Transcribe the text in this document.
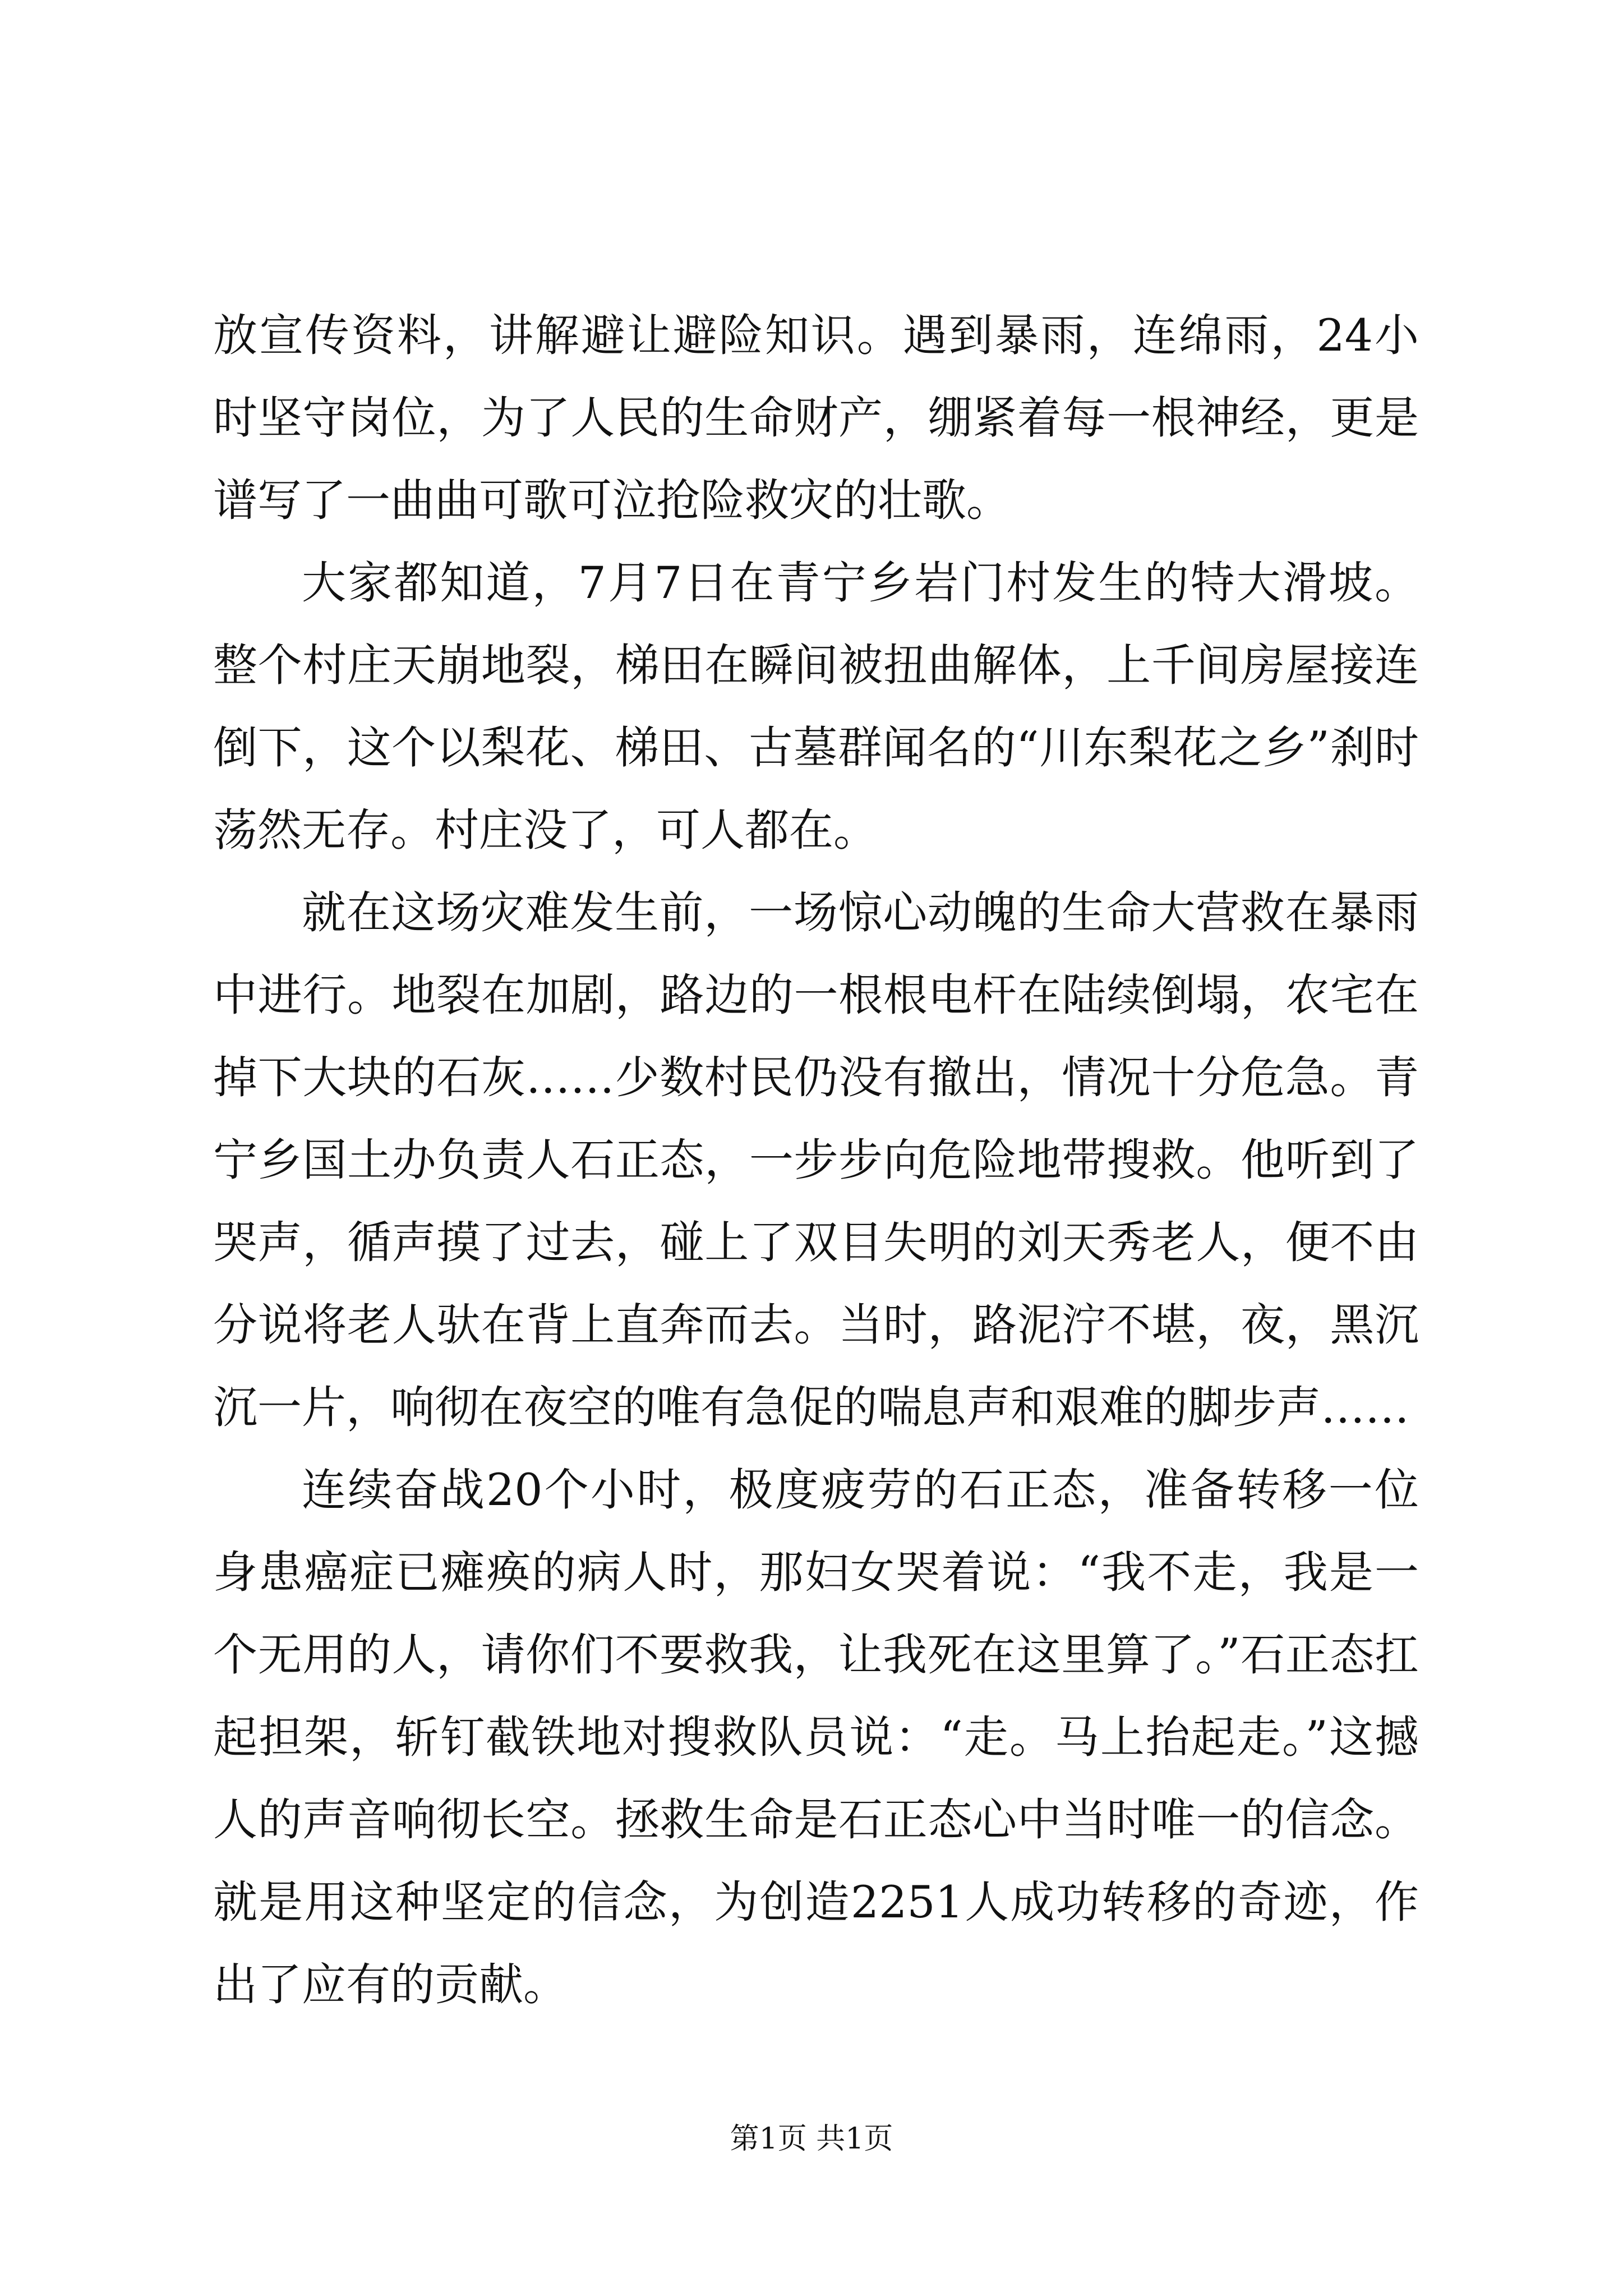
放宣传资料，讲解避让避险知识。遇到暴雨，连绵雨，24小时坚守岗位，为了人民的生命财产，绷紧着每一根神经，更是谱写了一曲曲可歌可泣抢险救灾的壮歌。

大家都知道，7月7日在青宁乡岩门村发生的特大滑坡。整个村庄天崩地裂，梯田在瞬间被扭曲解体，上千间房屋接连倒下，这个以梨花、梯田、古墓群闻名的“川东梨花之乡”刹时荡然无存。村庄没了，可人都在。

就在这场灾难发生前，一场惊心动魄的生命大营救在暴雨中进行。地裂在加剧，路边的一根根电杆在陆续倒塌，农宅在掉下大块的石灰……少数村民仍没有撤出，情况十分危急。青宁乡国土办负责人石正态，一步步向危险地带搜救。他听到了哭声，循声摸了过去，碰上了双目失明的刘天秀老人，便不由分说将老人驮在背上直奔而去。当时，路泥泞不堪，夜，黑沉沉一片，响彻在夜空的唯有急促的喘息声和艰难的脚步声……

连续奋战20个小时，极度疲劳的石正态，准备转移一位身患癌症已瘫痪的病人时，那妇女哭着说：“我不走，我是一个无用的人，请你们不要救我，让我死在这里算了。”石正态扛起担架，斩钉截铁地对搜救队员说：“走。马上抬起走。”这撼人的声音响彻长空。拯救生命是石正态心中当时唯一的信念。就是用这种坚定的信念，为创造2251人成功转移的奇迹，作出了应有的贡献。

第1页 共1页
